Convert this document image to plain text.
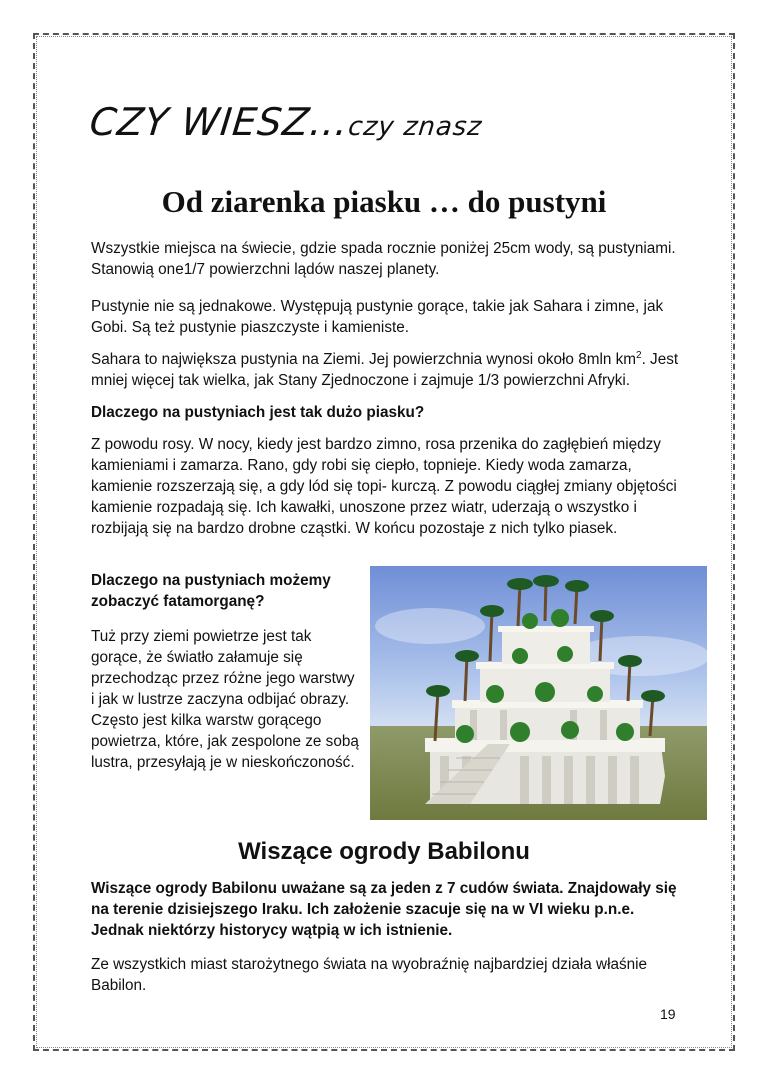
CZY WIESZ…czy znasz
Od ziarenka piasku … do pustyni
Wszystkie miejsca na świecie, gdzie spada rocznie poniżej 25cm wody, są pustyniami. Stanowią one1/7 powierzchni lądów naszej planety.
Pustynie nie są jednakowe. Występują pustynie gorące, takie jak Sahara i zimne, jak Gobi. Są też pustynie piaszczyste i kamieniste.
Sahara to największa pustynia na Ziemi. Jej powierzchnia wynosi około 8mln $km^2$. Jest mniej więcej tak wielka, jak Stany Zjednoczone i zajmuje 1/3 powierzchni Afryki.
Dlaczego na pustyniach jest tak dużo piasku?
Z powodu rosy. W nocy, kiedy jest bardzo zimno, rosa przenika do zagłębień między kamieniami i zamarza. Rano, gdy robi się ciepło, topnieje. Kiedy woda zamarza, kamienie rozszerzają się, a gdy lód się topi- kurczą. Z powodu ciągłej zmiany objętości kamienie rozpadają się. Ich kawałki, unoszone przez wiatr, uderzają o wszystko i rozbijają się na bardzo drobne cząstki. W końcu pozostaje z nich tylko piasek.
Dlaczego na pustyniach możemy zobaczyć fatamorganę?
Tuż przy ziemi powietrze jest tak gorące, że światło załamuje się przechodząc przez różne jego warstwy i jak w lustrze zaczyna odbijać obrazy. Często jest kilka warstw gorącego powietrza, które, jak zespolone ze sobą lustra, przesyłają je w nieskończoność.
Wiszące ogrody Babilonu
Wiszące ogrody Babilonu uważane są za jeden z 7 cudów świata. Znajdowały się na terenie dzisiejszego Iraku. Ich założenie szacuje się na w VI wieku p.n.e. Jednak niektórzy historycy wątpią w ich istnienie.
Ze wszystkich miast starożytnego świata na wyobraźnię najbardziej działa właśnie Babilon.
19
